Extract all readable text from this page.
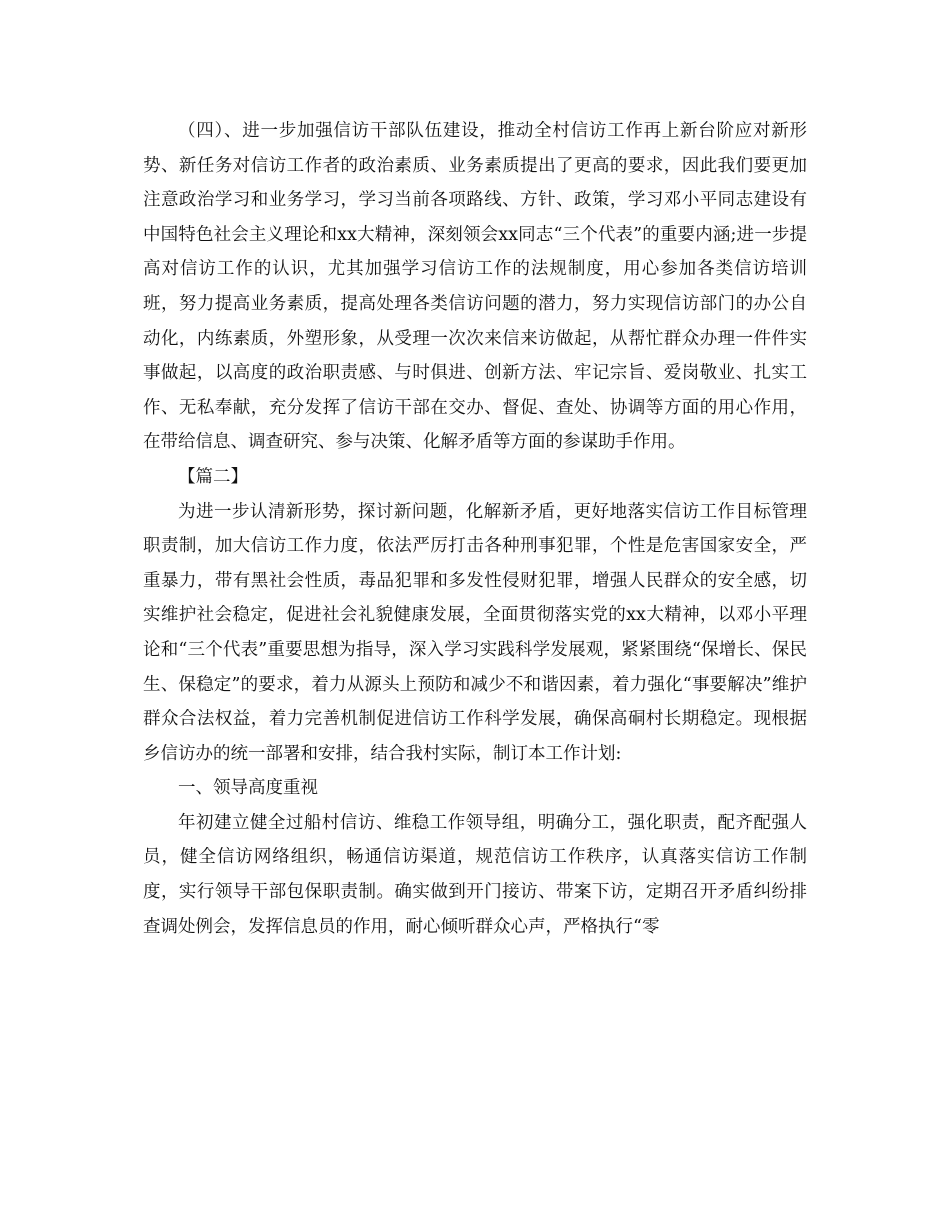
（四）、进一步加强信访干部队伍建设，推动全村信访工作再上新台阶应对新形势、新任务对信访工作者的政治素质、业务素质提出了更高的要求，因此我们要更加注意政治学习和业务学习，学习当前各项路线、方针、政策，学习邓小平同志建设有中国特色社会主义理论和xx大精神，深刻领会xx同志“三个代表”的重要内涵;进一步提高对信访工作的认识，尤其加强学习信访工作的法规制度，用心参加各类信访培训班，努力提高业务素质，提高处理各类信访问题的潜力，努力实现信访部门的办公自动化，内练素质，外塑形象，从受理一次次来信来访做起，从帮忙群众办理一件件实事做起，以高度的政治职责感、与时俱进、创新方法、牢记宗旨、爱岗敬业、扎实工作、无私奉献，充分发挥了信访干部在交办、督促、查处、协调等方面的用心作用，在带给信息、调查研究、参与决策、化解矛盾等方面的参谋助手作用。

【篇二】

为进一步认清新形势，探讨新问题，化解新矛盾，更好地落实信访工作目标管理职责制，加大信访工作力度，依法严厉打击各种刑事犯罪，个性是危害国家安全，严重暴力，带有黑社会性质，毒品犯罪和多发性侵财犯罪，增强人民群众的安全感，切实维护社会稳定，促进社会礼貌健康发展，全面贯彻落实党的xx大精神，以邓小平理论和“三个代表”重要思想为指导，深入学习实践科学发展观，紧紧围绕“保增长、保民生、保稳定”的要求，着力从源头上预防和减少不和谐因素，着力强化“事要解决”维护群众合法权益，着力完善机制促进信访工作科学发展，确保高硐村长期稳定。现根据乡信访办的统一部署和安排，结合我村实际，制订本工作计划:

一、领导高度重视

年初建立健全过船村信访、维稳工作领导组，明确分工，强化职责，配齐配强人员，健全信访网络组织，畅通信访渠道，规范信访工作秩序，认真落实信访工作制度，实行领导干部包保职责制。确实做到开门接访、带案下访，定期召开矛盾纠纷排查调处例会，发挥信息员的作用，耐心倾听群众心声，严格执行“零
